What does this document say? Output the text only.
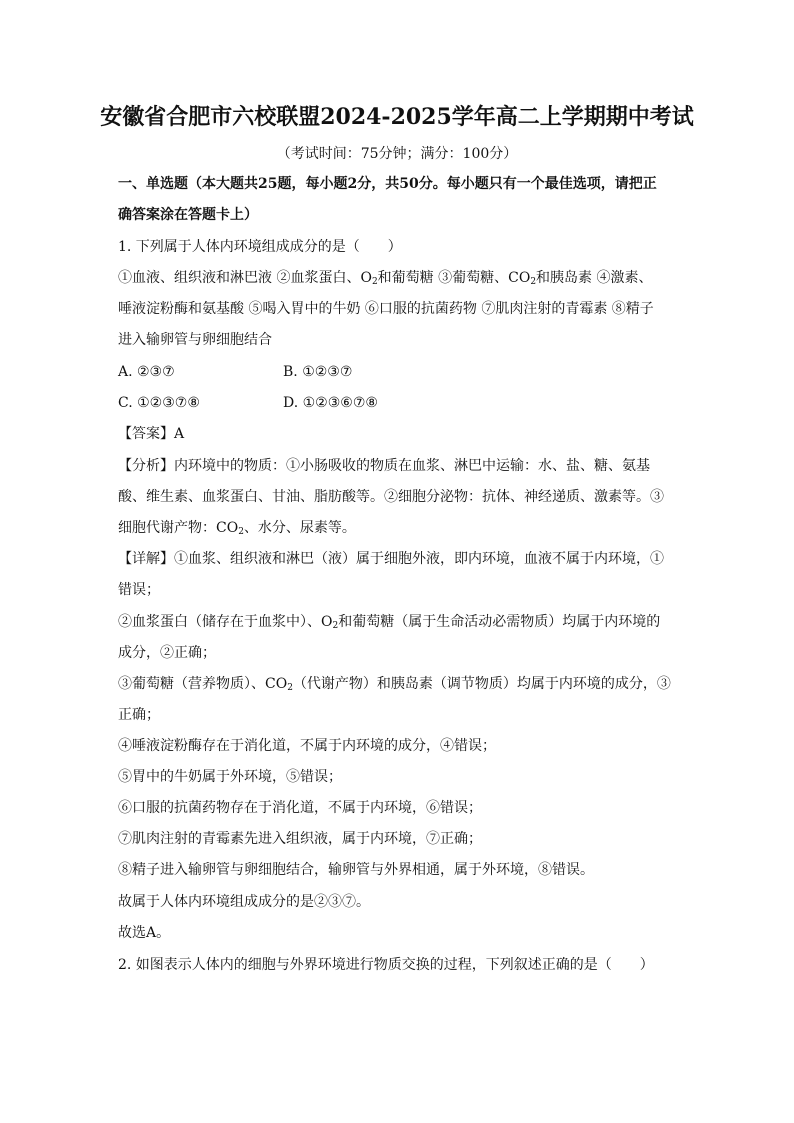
安徽省合肥市六校联盟2024-2025学年高二上学期期中考试
（考试时间：75分钟；满分：100分）
一、单选题（本大题共25题，每小题2分，共50分。每小题只有一个最佳选项，请把正
确答案涂在答题卡上）
1. 下列属于人体内环境组成成分的是（　　）
①血液、组织液和淋巴液 ②血浆蛋白、$O_2$和葡萄糖 ③葡萄糖、$CO_2$和胰岛素 ④激素、
唾液淀粉酶和氨基酸 ⑤喝入胃中的牛奶 ⑥口服的抗菌药物 ⑦肌肉注射的青霉素 ⑧精子
进入输卵管与卵细胞结合
A. ②③⑦	B. ①②③⑦
C. ①②③⑦⑧	D. ①②③⑥⑦⑧
【答案】A
【分析】内环境中的物质：①小肠吸收的物质在血浆、淋巴中运输：水、盐、糖、氨基
酸、维生素、血浆蛋白、甘油、脂肪酸等。②细胞分泌物：抗体、神经递质、激素等。③
细胞代谢产物：$CO_2$、水分、尿素等。
【详解】①血浆、组织液和淋巴（液）属于细胞外液，即内环境，血液不属于内环境，①
错误；
②血浆蛋白（储存在于血浆中）、$O_2$和葡萄糖（属于生命活动必需物质）均属于内环境的
成分，②正确；
③葡萄糖（营养物质）、$CO_2$（代谢产物）和胰岛素（调节物质）均属于内环境的成分，③
正确；
④唾液淀粉酶存在于消化道，不属于内环境的成分，④错误；
⑤胃中的牛奶属于外环境，⑤错误；
⑥口服的抗菌药物存在于消化道，不属于内环境，⑥错误；
⑦肌肉注射的青霉素先进入组织液，属于内环境，⑦正确；
⑧精子进入输卵管与卵细胞结合，输卵管与外界相通，属于外环境，⑧错误。
故属于人体内环境组成成分的是②③⑦。
故选A。
2. 如图表示人体内的细胞与外界环境进行物质交换的过程，下列叙述正确的是（　　）
